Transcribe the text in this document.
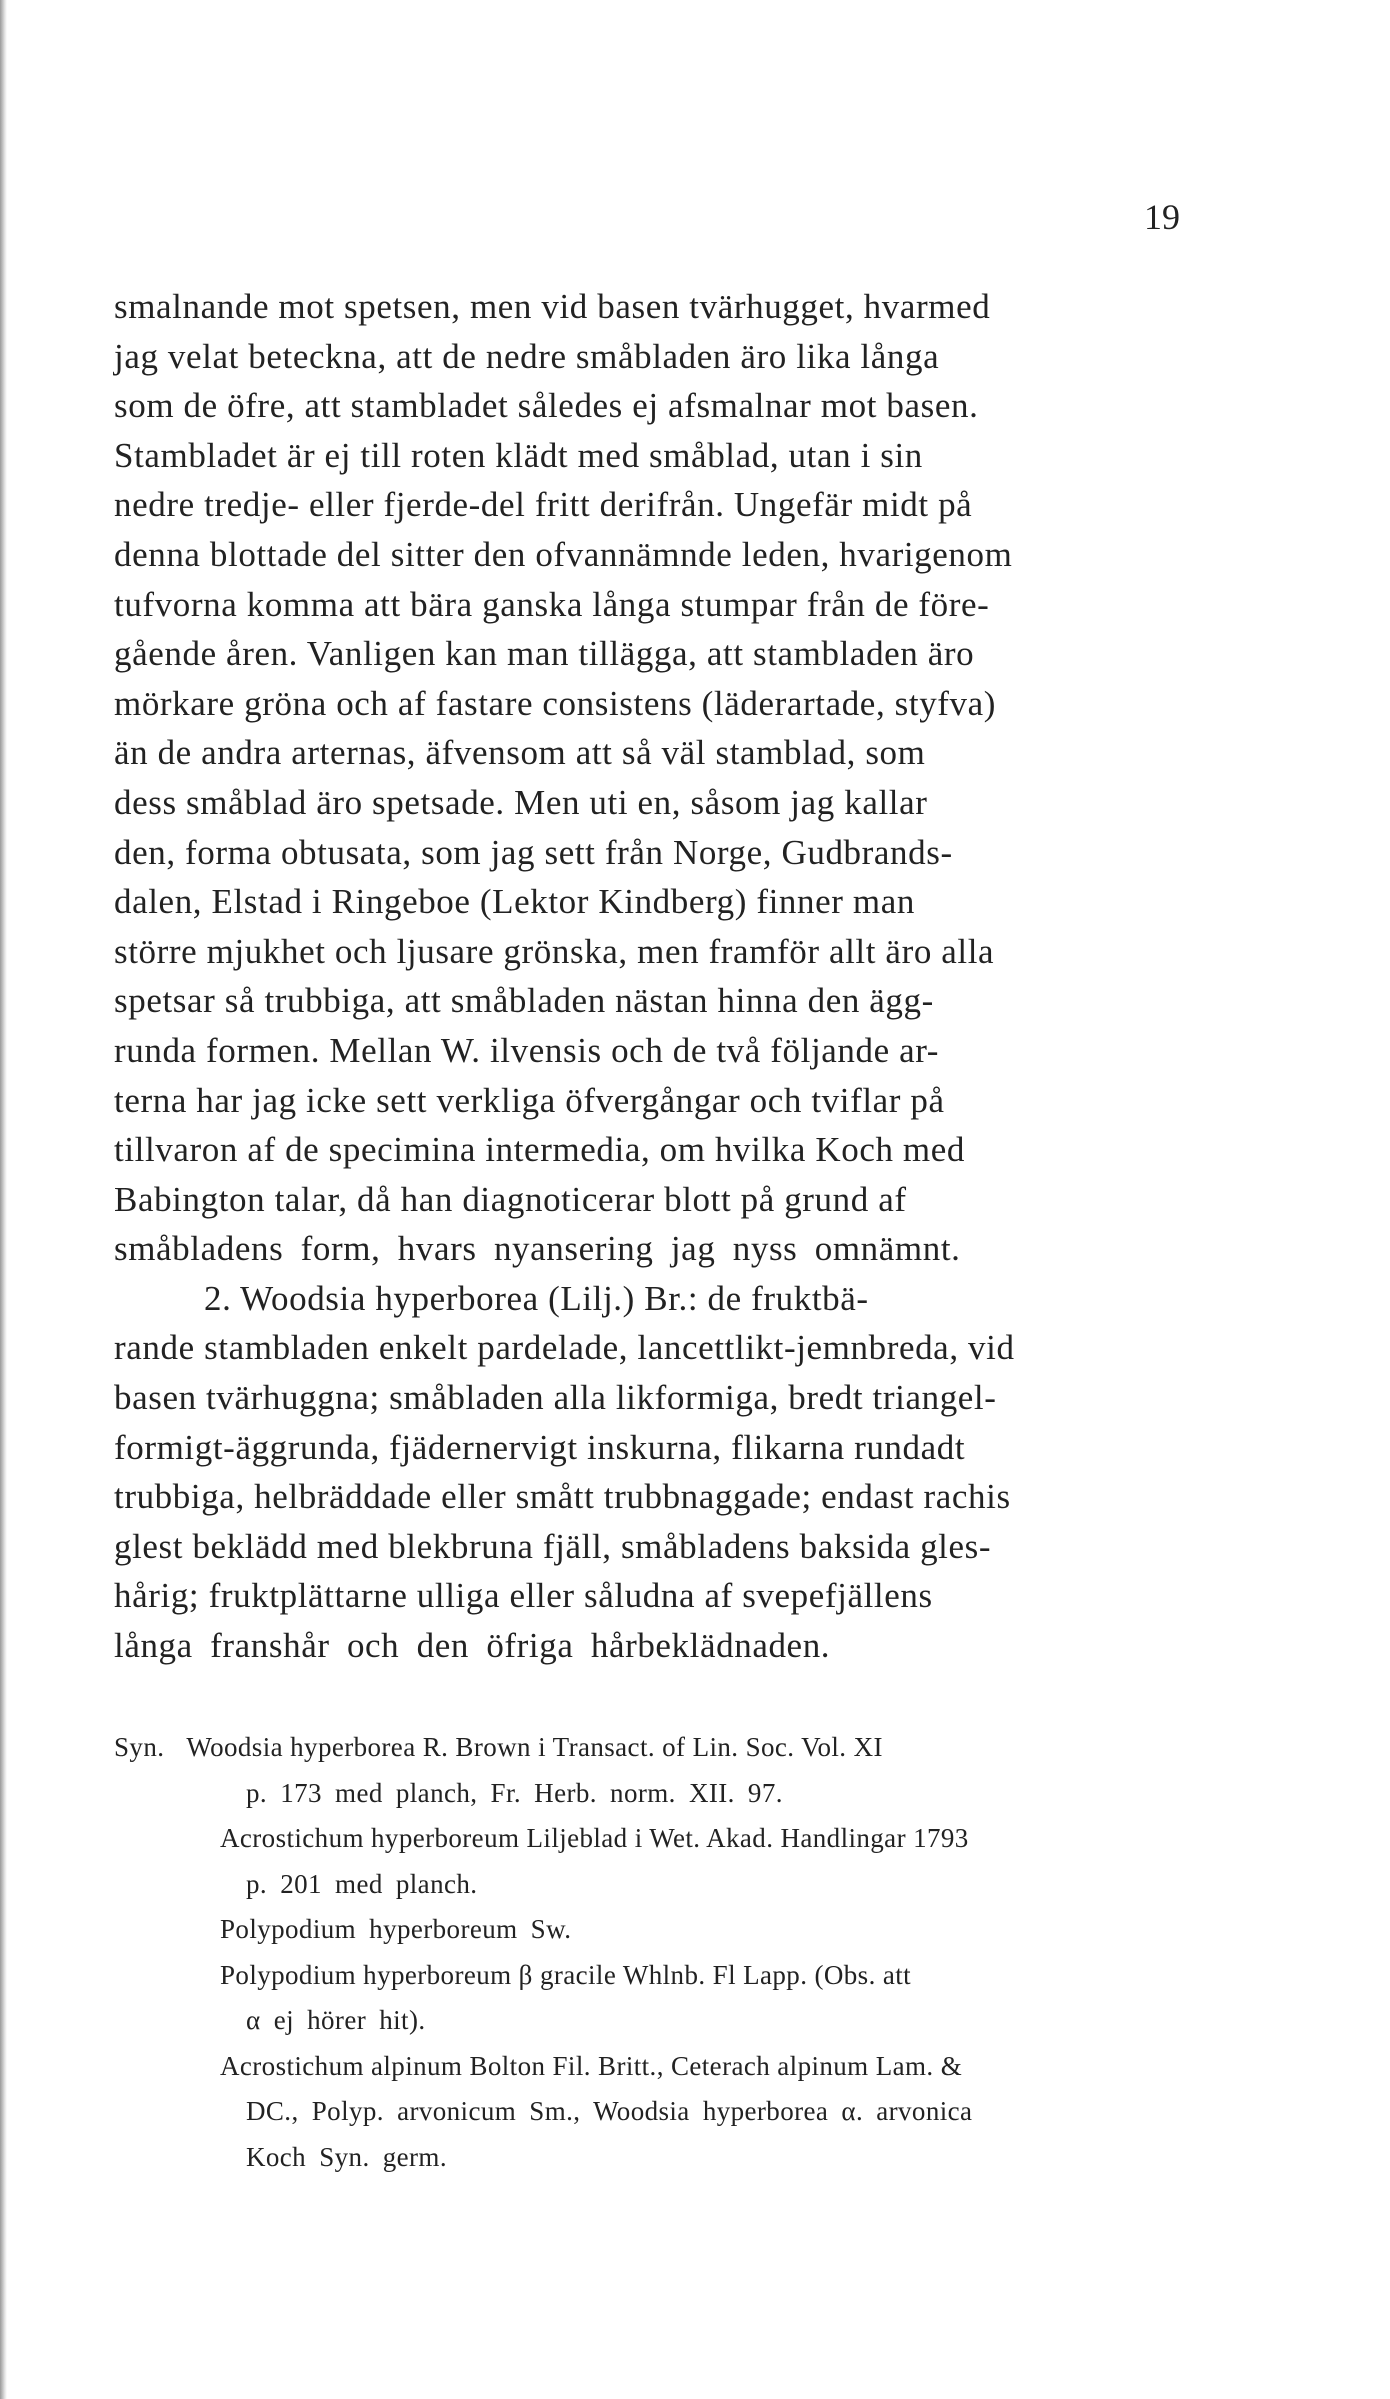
19
smalnande mot spetsen, men vid basen tvärhugget, hvarmed
jag velat beteckna, att de nedre småbladen äro lika långa
som de öfre, att stambladet således ej afsmalnar mot basen.
Stambladet är ej till roten klädt med småblad, utan i sin
nedre tredje- eller fjerde-del fritt derifrån. Ungefär midt på
denna blottade del sitter den ofvannämnde leden, hvarigenom
tufvorna komma att bära ganska långa stumpar från de före-
gående åren. Vanligen kan man tillägga, att stambladen äro
mörkare gröna och af fastare consistens (läderartade, styfva)
än de andra arternas, äfvensom att så väl stamblad, som
dess småblad äro spetsade. Men uti en, såsom jag kallar
den, forma obtusata, som jag sett från Norge, Gudbrands-
dalen, Elstad i Ringeboe (Lektor Kindberg) finner man
större mjukhet och ljusare grönska, men framför allt äro alla
spetsar så trubbiga, att småbladen nästan hinna den ägg-
runda formen. Mellan W. ilvensis och de två följande ar-
terna har jag icke sett verkliga öfvergångar och tviflar på
tillvaron af de specimina intermedia, om hvilka Koch med
Babington talar, då han diagnoticerar blott på grund af
småbladens form, hvars nyansering jag nyss omnämnt.
2. Woodsia hyperborea (Lilj.) Br.: de fruktbä-
rande stambladen enkelt pardelade, lancettlikt-jemnbreda, vid
basen tvärhuggna; småbladen alla likformiga, bredt triangel-
formigt-äggrunda, fjädernervigt inskurna, flikarna rundadt
trubbiga, helbräddade eller smått trubbnaggade; endast rachis
glest beklädd med blekbruna fjäll, småbladens baksida gles-
hårig; fruktplättarne ulliga eller såludna af svepefjällens
långa franshår och den öfriga hårbeklädnaden.
Syn. Woodsia hyperborea R. Brown i Transact. of Lin. Soc. Vol. XI
p. 173 med planch, Fr. Herb. norm. XII. 97.
Acrostichum hyperboreum Liljeblad i Wet. Akad. Handlingar 1793
p. 201 med planch.
Polypodium hyperboreum Sw.
Polypodium hyperboreum β gracile Whlnb. Fl Lapp. (Obs. att
α ej hörer hit).
Acrostichum alpinum Bolton Fil. Britt., Ceterach alpinum Lam. &
DC., Polyp. arvonicum Sm., Woodsia hyperborea α. arvonica
Koch Syn. germ.
